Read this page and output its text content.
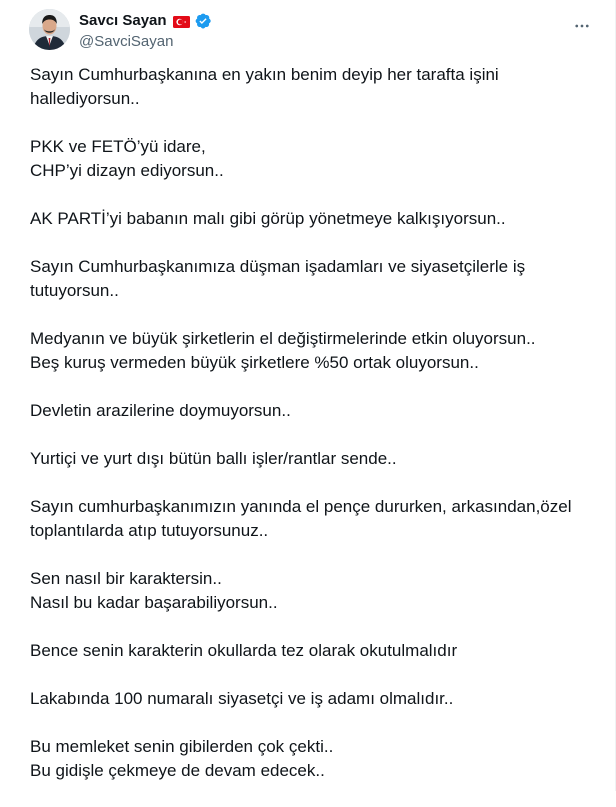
Savcı Sayan
@SavciSayan

Sayın Cumhurbaşkanına en yakın benim deyip her tarafta işini
hallediyorsun..

PKK ve FETÖ’yü idare,
CHP’yi dizayn ediyorsun..

AK PARTİ’yi babanın malı gibi görüp yönetmeye kalkışıyorsun..

Sayın Cumhurbaşkanımıza düşman işadamları ve siyasetçilerle iş
tutuyorsun..

Medyanın ve büyük şirketlerin el değiştirmelerinde etkin oluyorsun..
Beş kuruş vermeden büyük şirketlere %50 ortak oluyorsun..

Devletin arazilerine doymuyorsun..

Yurtiçi ve yurt dışı bütün ballı işler/rantlar sende..

Sayın cumhurbaşkanımızın yanında el pençe dururken, arkasından,özel
toplantılarda atıp tutuyorsunuz..

Sen nasıl bir karaktersin..
Nasıl bu kadar başarabiliyorsun..

Bence senin karakterin okullarda tez olarak okutulmalıdır

Lakabında 100 numaralı siyasetçi ve iş adamı olmalıdır..

Bu memleket senin gibilerden çok çekti..
Bu gidişle çekmeye de devam edecek..
